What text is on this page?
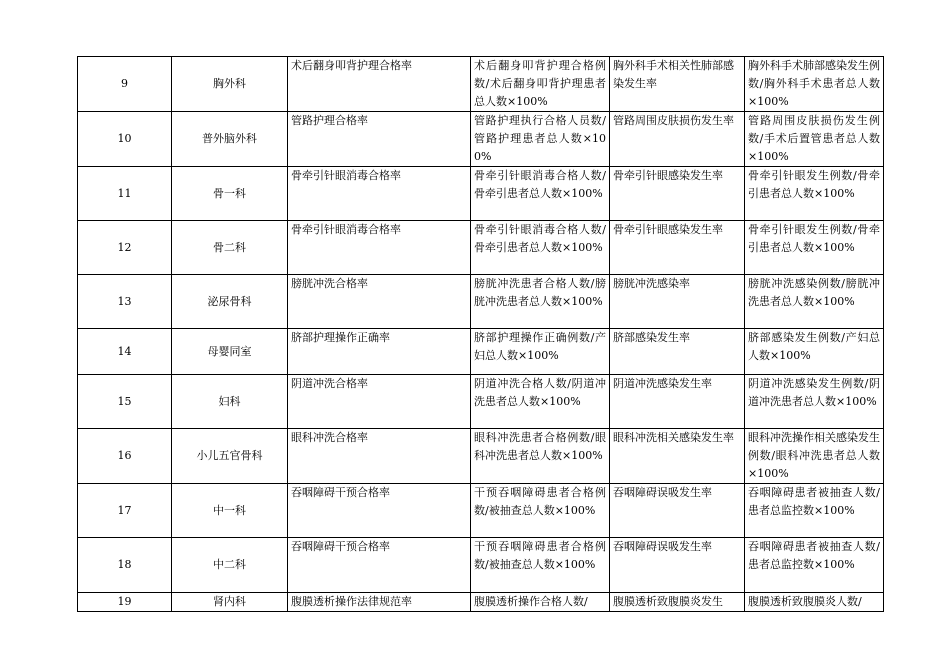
9	胸外科	术后翻身叩背护理合格率	术后翻身叩背护理合格例数/术后翻身叩背护理患者总人数×100%	胸外科手术相关性肺部感染发生率	胸外科手术肺部感染发生例数/胸外科手术患者总人数×100%
10	普外脑外科	管路护理合格率	管路护理执行合格人员数/管路护理患者总人数×100%	管路周围皮肤损伤发生率	管路周围皮肤损伤发生例数/手术后置管患者总人数×100%
11	骨一科	骨牵引针眼消毒合格率	骨牵引针眼消毒合格人数/骨牵引患者总人数×100%	骨牵引针眼感染发生率	骨牵引针眼发生例数/骨牵引患者总人数×100%
12	骨二科	骨牵引针眼消毒合格率	骨牵引针眼消毒合格人数/骨牵引患者总人数×100%	骨牵引针眼感染发生率	骨牵引针眼发生例数/骨牵引患者总人数×100%
13	泌尿骨科	膀胱冲洗合格率	膀胱冲洗患者合格人数/膀胱冲洗患者总人数×100%	膀胱冲洗感染率	膀胱冲洗感染例数/膀胱冲洗患者总人数×100%
14	母婴同室	脐部护理操作正确率	脐部护理操作正确例数/产妇总人数×100%	脐部感染发生率	脐部感染发生例数/产妇总人数×100%
15	妇科	阴道冲洗合格率	阴道冲洗合格人数/阴道冲洗患者总人数×100%	阴道冲洗感染发生率	阴道冲洗感染发生例数/阴道冲洗患者总人数×100%
16	小儿五官骨科	眼科冲洗合格率	眼科冲洗患者合格例数/眼科冲洗患者总人数×100%	眼科冲洗相关感染发生率	眼科冲洗操作相关感染发生例数/眼科冲洗患者总人数×100%
17	中一科	吞咽障碍干预合格率	干预吞咽障碍患者合格例数/被抽查总人数×100%	吞咽障碍误吸发生率	吞咽障碍患者被抽查人数/患者总监控数×100%
18	中二科	吞咽障碍干预合格率	干预吞咽障碍患者合格例数/被抽查总人数×100%	吞咽障碍误吸发生率	吞咽障碍患者被抽查人数/患者总监控数×100%
19	肾内科	腹膜透析操作法律规范率	腹膜透析操作合格人数/	腹膜透析致腹膜炎发生	腹膜透析致腹膜炎人数/
